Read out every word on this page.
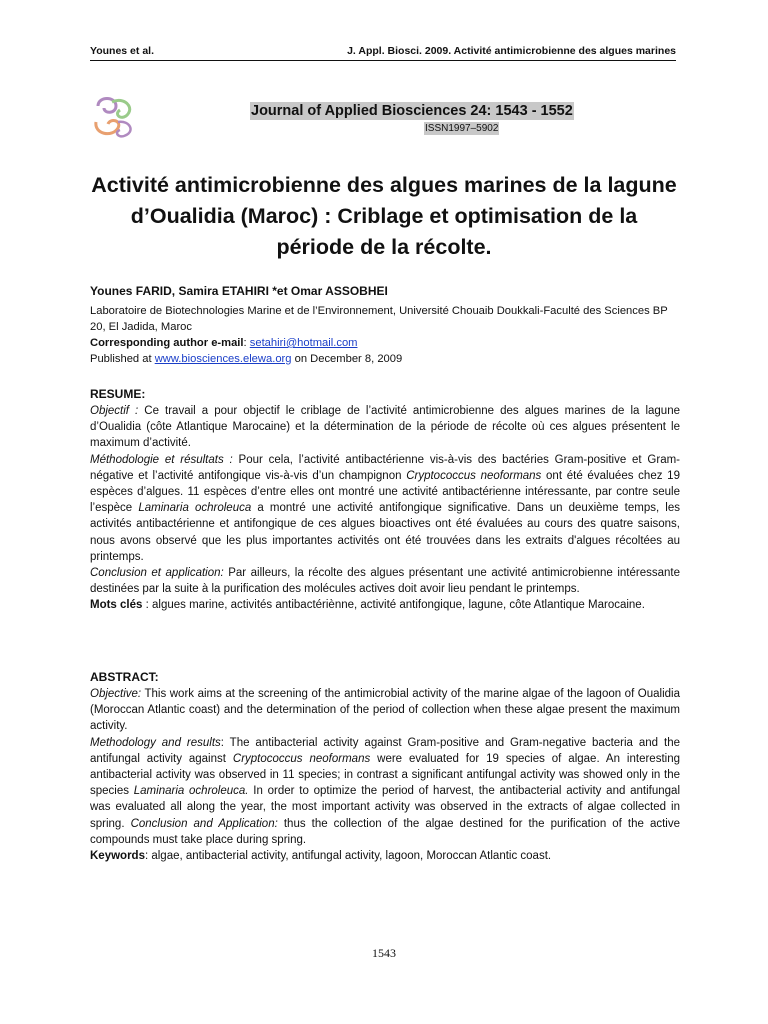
Younes et al.	J. Appl. Biosci. 2009. Activité antimicrobienne des algues marines
Journal of Applied Biosciences 24: 1543 - 1552
ISSN1997–5902
Activité antimicrobienne des algues marines de la lagune d’Oualidia (Maroc) : Criblage et optimisation de la période de la récolte.
Younes FARID, Samira ETAHIRI *et Omar ASSOBHEI
Laboratoire de Biotechnologies Marine et de l’Environnement, Université Chouaib Doukkali-Faculté des Sciences BP 20, El Jadida, Maroc
Corresponding author e-mail: setahiri@hotmail.com
Published at www.biosciences.elewa.org on December 8, 2009
RESUME:

Objectif : Ce travail a pour objectif le criblage de l’activité antimicrobienne des algues marines de la lagune d’Oualidia (côte Atlantique Marocaine) et la détermination de la période de récolte où ces algues présentent le maximum d’activité.

Méthodologie et résultats : Pour cela, l’activité antibactérienne vis-à-vis des bactéries Gram-positive et Gram-négative et l’activité antifongique vis-à-vis d’un champignon Cryptococcus neoformans ont été évaluées chez 19 espèces d’algues. 11 espèces d’entre elles ont montré une activité antibactérienne intéressante, par contre seule l’espèce Laminaria ochroleuca a montré une activité antifongique significative. Dans un deuxième temps, les activités antibactérienne et antifongique de ces algues bioactives ont été évaluées au cours des quatre saisons, nous avons observé que les plus importantes activités ont été trouvées dans les extraits d'algues récoltées au printemps.

Conclusion et application: Par ailleurs, la récolte des algues présentant une activité antimicrobienne intéressante destinées par la suite à la purification des molécules actives doit avoir lieu pendant le printemps.

Mots clés : algues marine, activités antibactériènne, activité antifongique, lagune, côte Atlantique Marocaine.

ABSTRACT:

Objective: This work aims at the screening of the antimicrobial activity of the marine algae of the lagoon of Oualidia (Moroccan Atlantic coast) and the determination of the period of collection when these algae present the maximum activity.

Methodology and results: The antibacterial activity against Gram-positive and Gram-negative bacteria and the antifungal activity against Cryptococcus neoformans were evaluated for 19 species of algae. An interesting antibacterial activity was observed in 11 species; in contrast a significant antifungal activity was showed only in the species Laminaria ochroleuca. In order to optimize the period of harvest, the antibacterial activity and antifungal was evaluated all along the year, the most important activity was observed in the extracts of algae collected in spring. Conclusion and Application: thus the collection of the algae destined for the purification of the active compounds must take place during spring.

Keywords: algae, antibacterial activity, antifungal activity, lagoon, Moroccan Atlantic coast.

1543
